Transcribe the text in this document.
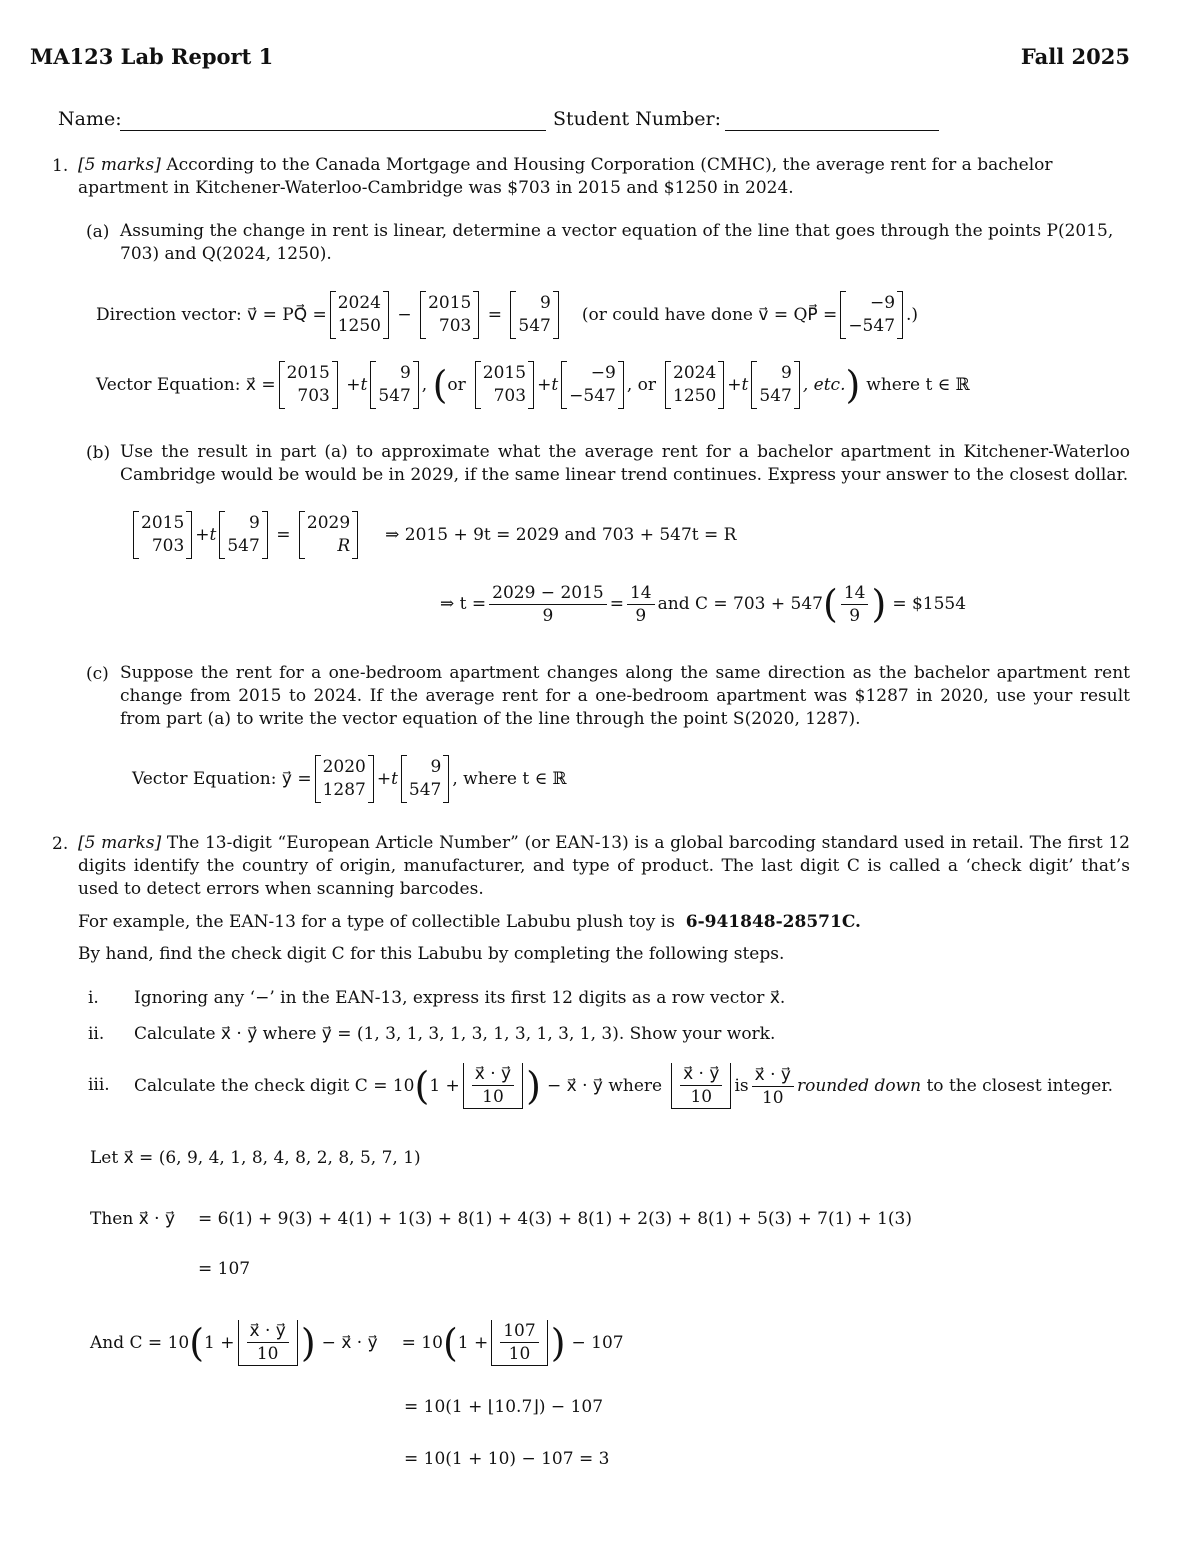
MA123 Lab Report 1	Fall 2025
Name:	Student Number:
1. [5 marks] According to the Canada Mortgage and Housing Corporation (CMHC), the average rent for a bachelor apartment in Kitchener-Waterloo-Cambridge was $703 in 2015 and $1250 in 2024.
(a) Assuming the change in rent is linear, determine a vector equation of the line that goes through the points P(2015, 703) and Q(2024, 1250).
Direction vector: v⃗ = PQ⃗ =
2024
1250
−
2015
703
=
9
547
(or could have done v⃗ = QP⃗ =
−9
−547
.)
Vector Equation: x⃗ =
2015
703
+t
9
547
, ( or
2015
703
+t
−9
−547
, or
2024
1250
+t
9
547
, etc. ) where t ∈ ℝ
(b) Use the result in part (a) to approximate what the average rent for a bachelor apartment in Kitchener-Waterloo Cambridge would be would be in 2029, if the same linear trend continues. Express your answer to the closest dollar.
2015
703
+t
9
547
=
2029
R
⇒ 2015 + 9t = 2029 and 703 + 547t = R
⇒ $t = \frac{2029 - 2015}{9} = \frac{14}{9}$ and C = 703 + 547 ( $\frac{14}{9}$ ) = $1554
(c) Suppose the rent for a one-bedroom apartment changes along the same direction as the bachelor apartment rent change from 2015 to 2024. If the average rent for a one-bedroom apartment was $1287 in 2020, use your result from part (a) to write the vector equation of the line through the point S(2020, 1287).
Vector Equation: y⃗ =
2020
1287
+t
9
547
, where t ∈ ℝ
2. [5 marks] The 13-digit “European Article Number” (or EAN-13) is a global barcoding standard used in retail. The first 12 digits identify the country of origin, manufacturer, and type of product. The last digit C is called a ‘check digit’ that’s used to detect errors when scanning barcodes.
For example, the EAN-13 for a type of collectible Labubu plush toy is 6-941848-28571C.
By hand, find the check digit C for this Labubu by completing the following steps.
i. Ignoring any ‘−’ in the EAN-13, express its first 12 digits as a row vector x⃗.
ii. Calculate x⃗ · y⃗ where y⃗ = (1, 3, 1, 3, 1, 3, 1, 3, 1, 3, 1, 3). Show your work.
iii. Calculate the check digit C = 10 ( $1 + \frac{x⃗ \cdot y⃗}{10}$ ) − x⃗ · y⃗ where $\frac{x⃗ \cdot y⃗}{10}$ is $\frac{x⃗ \cdot y⃗}{10}$ rounded down
to the closest integer.
Let x⃗ = (6, 9, 4, 1, 8, 4, 8, 2, 8, 5, 7, 1)
Then x⃗ · y⃗ = 6(1) + 9(3) + 4(1) + 1(3) + 8(1) + 4(3) + 8(1) + 2(3) + 8(1) + 5(3) + 7(1) + 1(3)
= 107
And C = 10 ( $1 + \frac{x⃗ \cdot y⃗}{10}$ ) − x⃗ · y⃗ = 10 ( $1 + \frac{107}{10}$ ) − 107
= 10(1 + ⌊10.7⌋) − 107
= 10(1 + 10) − 107 = 3
